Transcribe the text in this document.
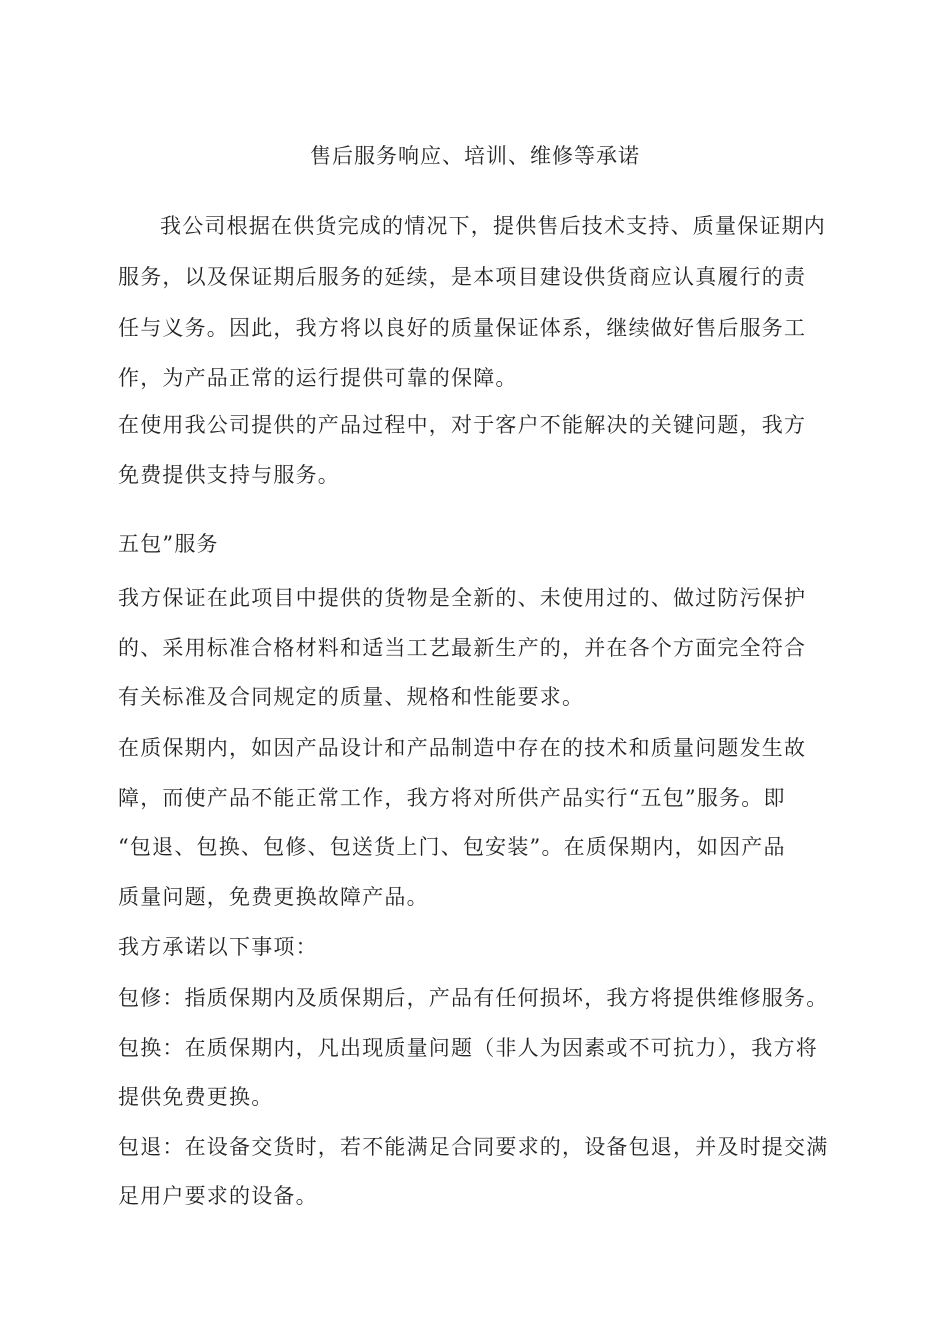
售后服务响应、培训、维修等承诺
我公司根据在供货完成的情况下，提供售后技术支持、质量保证期内
服务，以及保证期后服务的延续，是本项目建设供货商应认真履行的责
任与义务。因此，我方将以良好的质量保证体系，继续做好售后服务工
作，为产品正常的运行提供可靠的保障。
在使用我公司提供的产品过程中，对于客户不能解决的关键问题，我方
免费提供支持与服务。
五包”服务
我方保证在此项目中提供的货物是全新的、未使用过的、做过防污保护
的、采用标准合格材料和适当工艺最新生产的，并在各个方面完全符合
有关标准及合同规定的质量、规格和性能要求。
在质保期内，如因产品设计和产品制造中存在的技术和质量问题发生故
障，而使产品不能正常工作，我方将对所供产品实行“五包”服务。即
“包退、包换、包修、包送货上门、包安装”。在质保期内，如因产品
质量问题，免费更换故障产品。
我方承诺以下事项：
包修：指质保期内及质保期后，产品有任何损坏，我方将提供维修服务。
包换：在质保期内，凡出现质量问题（非人为因素或不可抗力），我方将
提供免费更换。
包退：在设备交货时，若不能满足合同要求的，设备包退，并及时提交满
足用户要求的设备。
